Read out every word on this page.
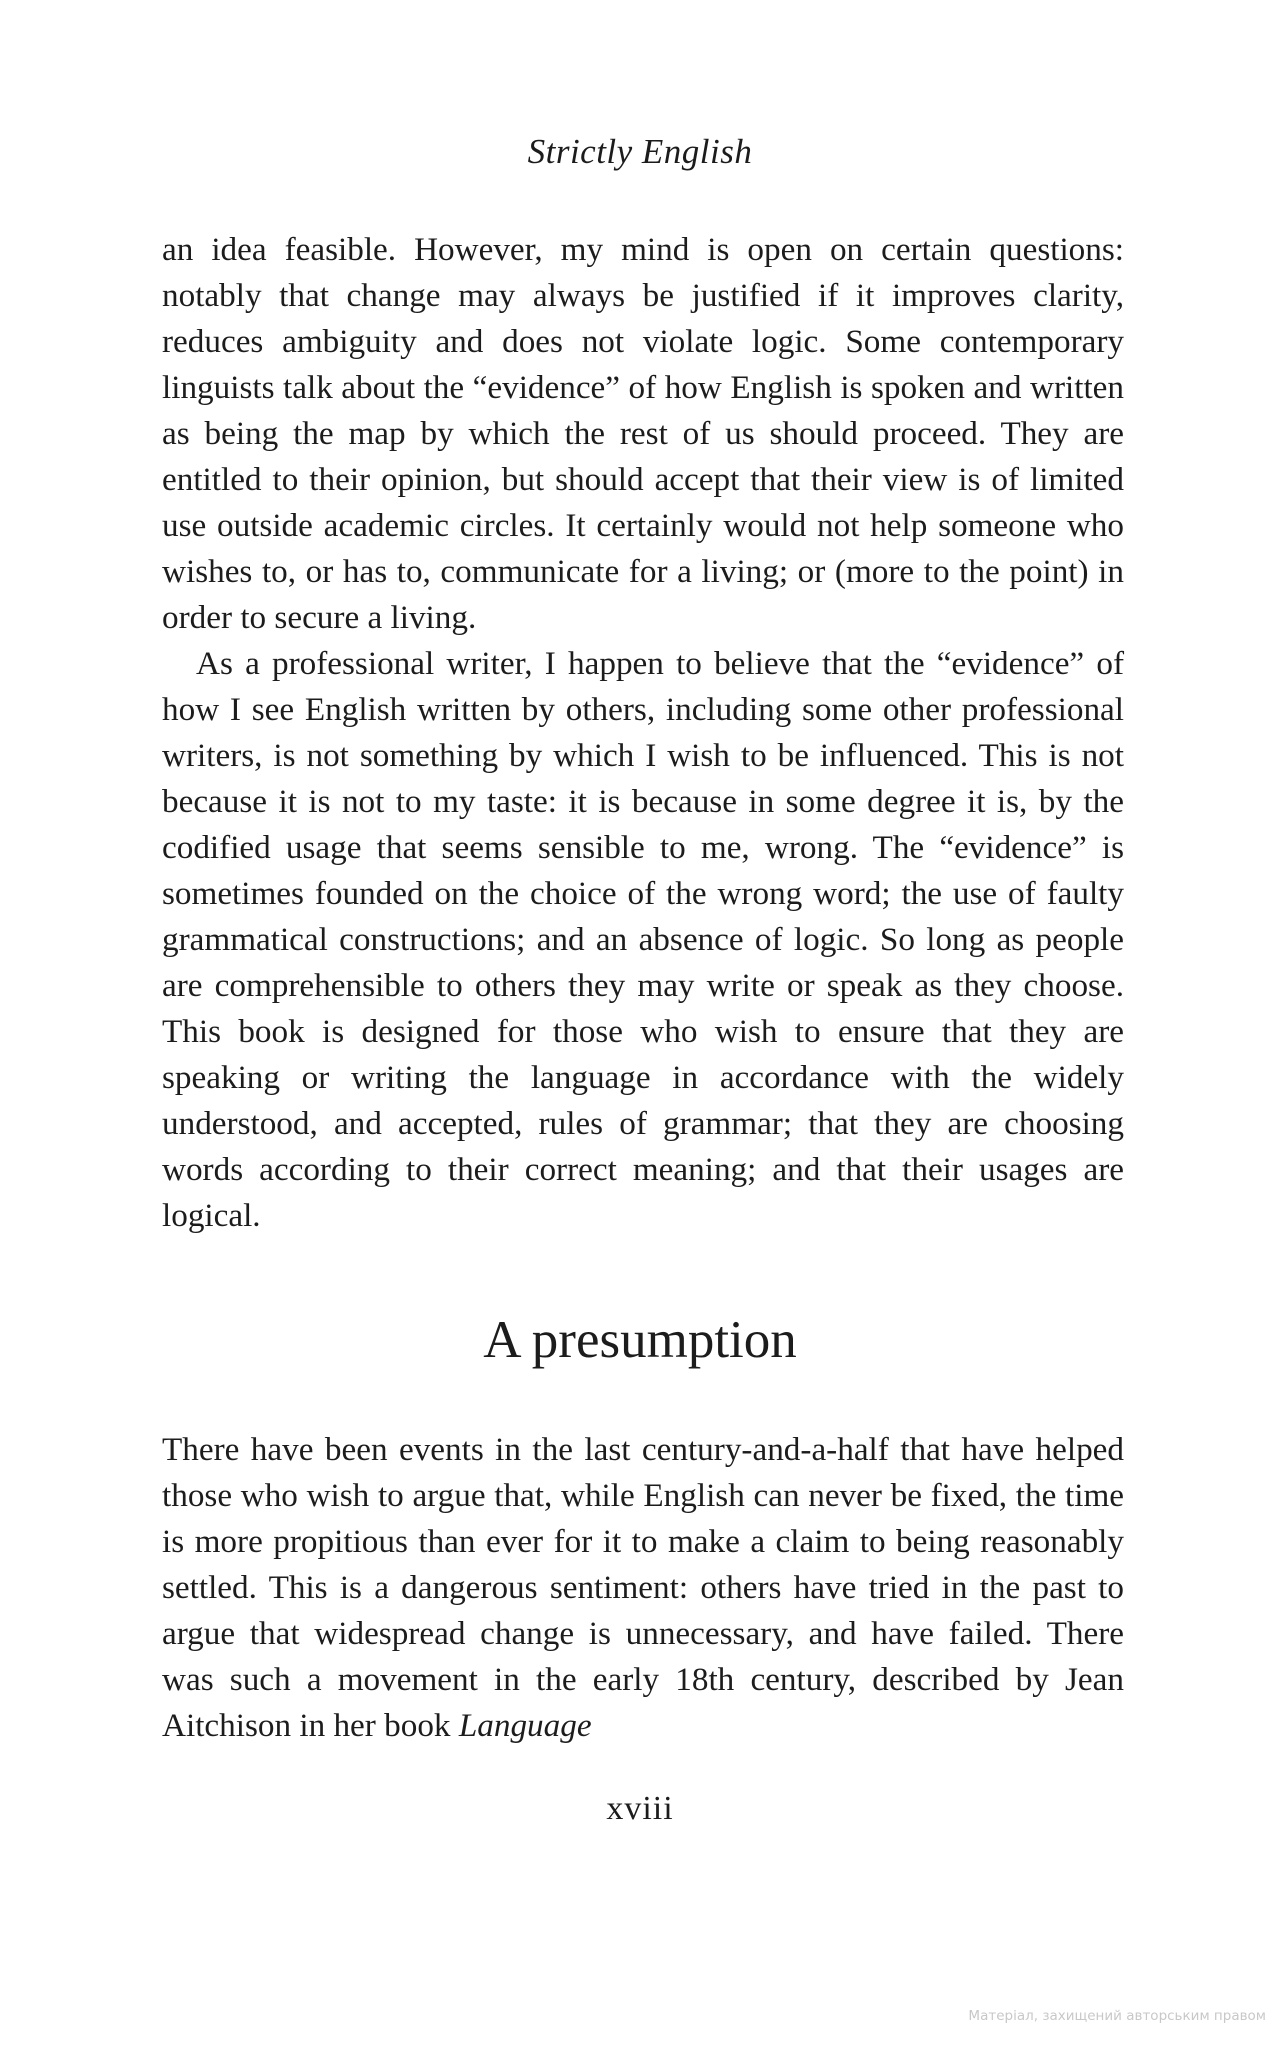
Strictly English

an idea feasible. However, my mind is open on certain questions: notably that change may always be justified if it improves clarity, reduces ambiguity and does not violate logic. Some contemporary linguists talk about the “evidence” of how English is spoken and written as being the map by which the rest of us should proceed. They are entitled to their opinion, but should accept that their view is of limited use outside academic circles. It certainly would not help someone who wishes to, or has to, communicate for a living; or (more to the point) in order to secure a living.

As a professional writer, I happen to believe that the “evidence” of how I see English written by others, including some other professional writers, is not something by which I wish to be influenced. This is not because it is not to my taste: it is because in some degree it is, by the codified usage that seems sensible to me, wrong. The “evidence” is sometimes founded on the choice of the wrong word; the use of faulty grammatical constructions; and an absence of logic. So long as people are comprehensible to others they may write or speak as they choose. This book is designed for those who wish to ensure that they are speaking or writing the language in accordance with the widely understood, and accepted, rules of grammar; that they are choosing words according to their correct meaning; and that their usages are logical.

A presumption

There have been events in the last century-and-a-half that have helped those who wish to argue that, while English can never be fixed, the time is more propitious than ever for it to make a claim to being reasonably settled. This is a dangerous sentiment: others have tried in the past to argue that widespread change is unnecessary, and have failed. There was such a movement in the early 18th century, described by Jean Aitchison in her book Language

xviii
Матеріал, захищений авторським правом
